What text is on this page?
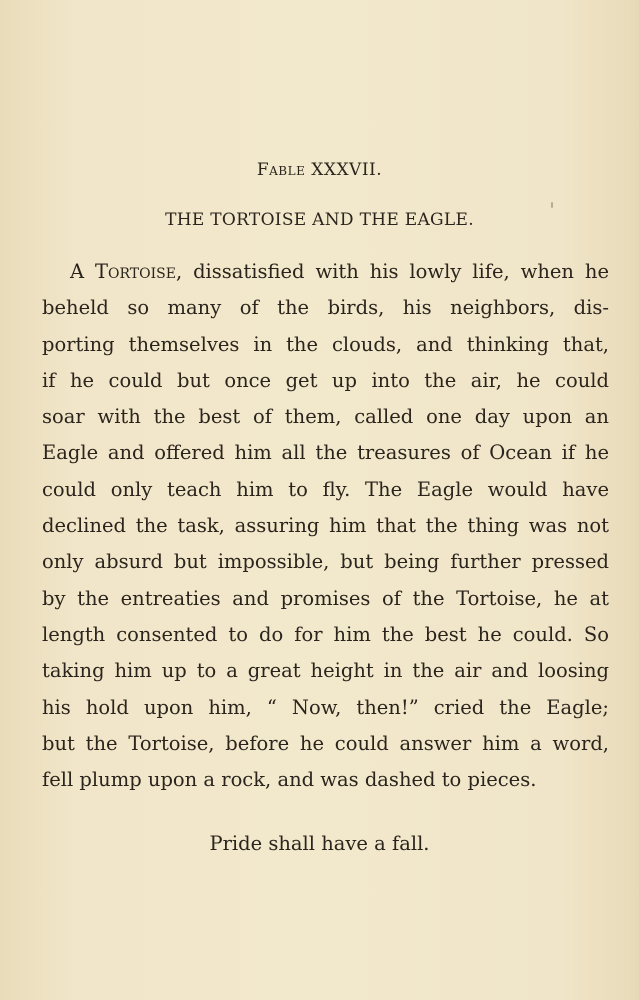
Fable XXXVII.
THE TORTOISE AND THE EAGLE.
A Tortoise, dissatisfied with his lowly life, when he
beheld so many of the birds, his neighbors, dis-
porting themselves in the clouds, and thinking that,
if he could but once get up into the air, he could
soar with the best of them, called one day upon an
Eagle and offered him all the treasures of Ocean if he
could only teach him to fly. The Eagle would have
declined the task, assuring him that the thing was not
only absurd but impossible, but being further pressed
by the entreaties and promises of the Tortoise, he at
length consented to do for him the best he could. So
taking him up to a great height in the air and loosing
his hold upon him, “ Now, then!” cried the Eagle;
but the Tortoise, before he could answer him a word,
fell plump upon a rock, and was dashed to pieces.
Pride shall have a fall.
